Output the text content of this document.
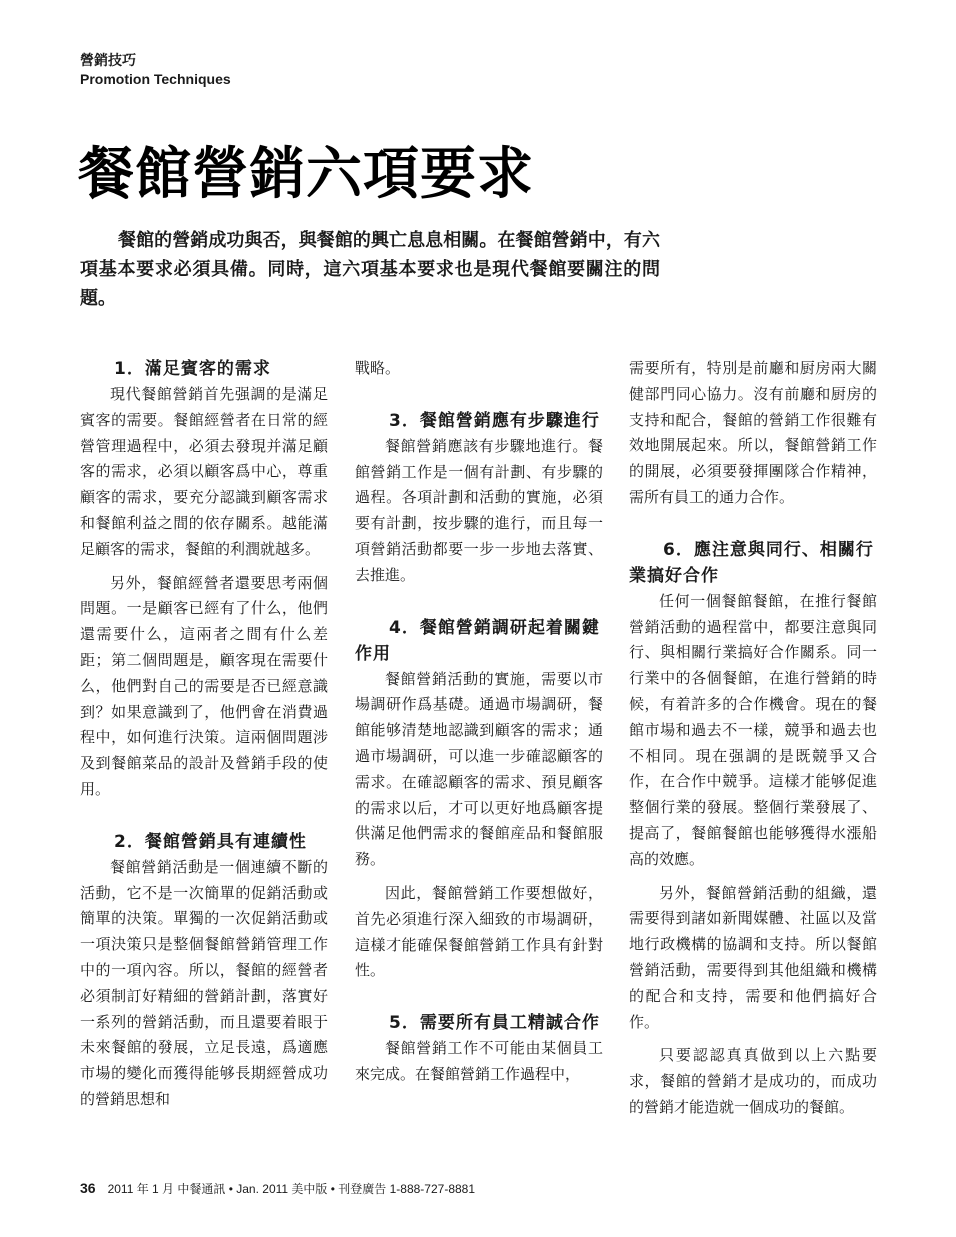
營銷技巧
Promotion Techniques
餐館營銷六項要求

餐館的營銷成功與否，與餐館的興亡息息相關。在餐館營銷中，有六項基本要求必須具備。同時，這六項基本要求也是現代餐館要關注的問題。

1．滿足賓客的需求

現代餐館營銷首先强調的是滿足賓客的需要。餐館經營者在日常的經營管理過程中，必須去發現并滿足顧客的需求，必須以顧客爲中心，尊重顧客的需求，要充分認識到顧客需求和餐館利益之間的依存關系。越能滿足顧客的需求，餐館的利潤就越多。

另外，餐館經營者還要思考兩個問題。一是顧客已經有了什么，他們還需要什么，這兩者之間有什么差距；第二個問題是，顧客現在需要什么，他們對自己的需要是否已經意識到？如果意識到了，他們會在消費過程中，如何進行決策。這兩個問題涉及到餐館菜品的設計及營銷手段的使用。

2．餐館營銷具有連續性

餐館營銷活動是一個連續不斷的活動，它不是一次簡單的促銷活動或簡單的決策。單獨的一次促銷活動或一項決策只是整個餐館營銷管理工作中的一項內容。所以，餐館的經營者必須制訂好精細的營銷計劃，落實好一系列的營銷活動，而且還要着眼于未來餐館的發展，立足長遠，爲適應市場的變化而獲得能够長期經營成功的營銷思想和

戰略。

3．餐館營銷應有步驟進行

餐館營銷應該有步驟地進行。餐館營銷工作是一個有計劃、有步驟的過程。各項計劃和活動的實施，必須要有計劃，按步驟的進行，而且每一項營銷活動都要一步一步地去落實、去推進。

4．餐館營銷調研起着關鍵作用

餐館營銷活動的實施，需要以市場調研作爲基礎。通過市場調研，餐館能够清楚地認識到顧客的需求；通過市場調研，可以進一步確認顧客的需求。在確認顧客的需求、預見顧客的需求以后，才可以更好地爲顧客提供滿足他們需求的餐館産品和餐館服務。

因此，餐館營銷工作要想做好，首先必須進行深入細致的市場調研，這樣才能確保餐館營銷工作具有針對性。

5．需要所有員工精誠合作

餐館營銷工作不可能由某個員工來完成。在餐館營銷工作過程中，

需要所有，特別是前廳和厨房兩大關健部門同心協力。沒有前廳和厨房的支持和配合，餐館的營銷工作很難有效地開展起來。所以，餐館營銷工作的開展，必須要發揮團隊合作精神，需所有員工的通力合作。

6．應注意與同行、相關行業搞好合作

任何一個餐館餐館，在推行餐館營銷活動的過程當中，都要注意與同行、與相關行業搞好合作關系。同一行業中的各個餐館，在進行營銷的時候，有着許多的合作機會。現在的餐館市場和過去不一樣，競爭和過去也不相同。現在强調的是既競爭又合作，在合作中競爭。這樣才能够促進整個行業的發展。整個行業發展了、提高了，餐館餐館也能够獲得水漲船高的效應。

另外，餐館營銷活動的組織，還需要得到諸如新聞媒體、社區以及當地行政機構的協調和支持。所以餐館營銷活動，需要得到其他組織和機構的配合和支持，需要和他們搞好合作。

只要認認真真做到以上六點要求，餐館的營銷才是成功的，而成功的營銷才能造就一個成功的餐館。

36 2011 年 1 月 中餐通訊 • Jan. 2011 美中版 • 刊登廣告 1-888-727-8881
